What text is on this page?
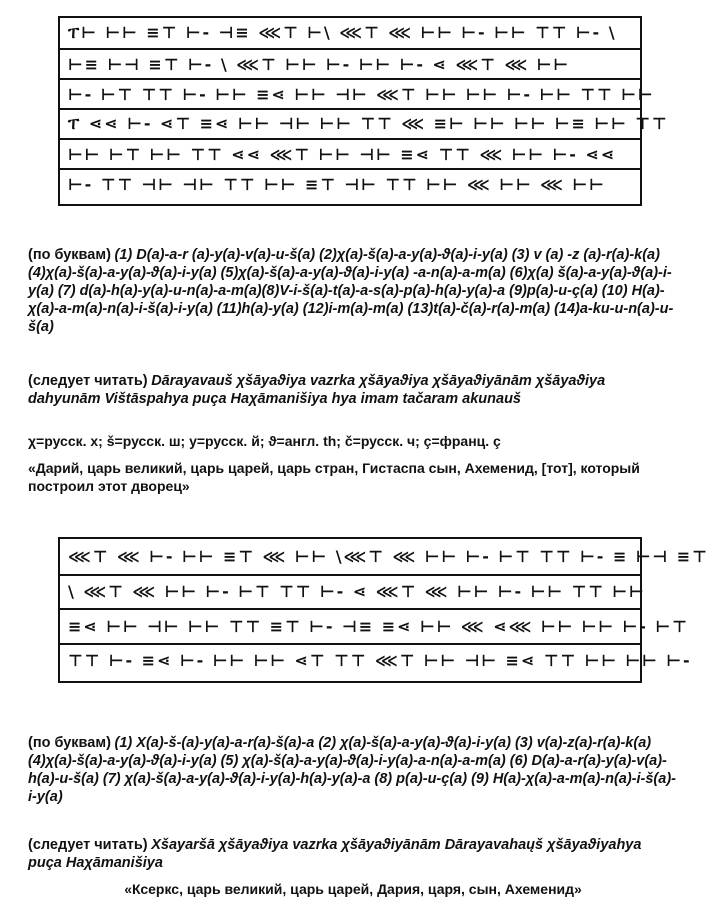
ፐ⊢ ⊢⊢ ≡⊤ ⊢- ⊣≡ ⋘⊤ ⊢\ ⋘⊤ ⋘ ⊢⊢ ⊢- ⊢⊢ ⊤⊤ ⊢- \
⊢≡ ⊢⊣ ≡⊤ ⊢- \ ⋘⊤ ⊢⊢ ⊢- ⊢⊢ ⊢- ⋖ ⋘⊤ ⋘ ⊢⊢
⊢- ⊢⊤ ⊤⊤ ⊢- ⊢⊢ ≡⋖ ⊢⊢ ⊣⊢ ⋘⊤ ⊢⊢ ⊢⊢ ⊢- ⊢⊢ ⊤⊤ ⊢⊢
ፐ ⋖⋖ ⊢- ⋖⊤ ≡⋖ ⊢⊢ ⊣⊢ ⊢⊢ ⊤⊤ ⋘ ≡⊢ ⊢⊢ ⊢⊢ ⊢≡ ⊢⊢ ⊤⊤
⊢⊢ ⊢⊤ ⊢⊢ ⊤⊤ ⋖⋖ ⋘⊤ ⊢⊢ ⊣⊢ ≡⋖ ⊤⊤ ⋘ ⊢⊢ ⊢- ⋖⋖
⊢- ⊤⊤ ⊣⊢ ⊣⊢ ⊤⊤ ⊢⊢ ≡⊤ ⊣⊢ ⊤⊤ ⊢⊢ ⋘ ⊢⊢ ⋘ ⊢⊢
(по буквам) (1) D(a)-a-r (a)-y(a)-v(a)-u-š(a) (2)χ(a)-š(a)-a-y(a)-ϑ(a)-i-y(a) (3) v (a) -z (a)-r(a)-k(a) (4)χ(a)-š(a)-a-y(a)-ϑ(a)-i-y(a) (5)χ(a)-š(a)-a-y(a)-ϑ(a)-i-y(a) -a-n(a)-a-m(a) (6)χ(a) š(a)-a-y(a)-ϑ(a)-i-y(a) (7) d(a)-h(a)-y(a)-u-n(a)-a-m(a)(8)V-i-š(a)-t(a)-a-s(a)-p(a)-h(a)-y(a)-a (9)p(a)-u-ç(a) (10) H(a)-χ(a)-a-m(a)-n(a)-i-š(a)-i-y(a) (11)h(a)-y(a) (12)i-m(a)-m(a) (13)t(a)-č(a)-r(a)-m(a) (14)a-ku-u-n(a)-u-š(a)
(следует читать) Dārayavauš χšāyaϑiya vazrka χšāyaϑiya χšāyaϑiyānām χšāyaϑiya dahyunām Vištāspahya puça Haχāmanišiya hya imam tačaram akunauš
χ=русск. х; š=русск. ш; y=русск. й; ϑ=англ. th; č=русск. ч; ç=франц. ç
«Дарий, царь великий, царь царей, царь стран, Гистаспа сын, Ахеменид, [тот], который построил этот дворец»
⋘⊤ ⋘ ⊢- ⊢⊢ ≡⊤ ⋘ ⊢⊢ \⋘⊤ ⋘ ⊢⊢ ⊢- ⊢⊤ ⊤⊤ ⊢- ≡ ⊢⊣ ≡⊤
\ ⋘⊤ ⋘ ⊢⊢ ⊢- ⊢⊤ ⊤⊤ ⊢- ⋖ ⋘⊤ ⋘ ⊢⊢ ⊢- ⊢⊢ ⊤⊤ ⊢⊢
≡⋖ ⊢⊢ ⊣⊢ ⊢⊢ ⊤⊤ ≡⊤ ⊢- ⊣≡ ≡⋖ ⊢⊢ ⋘ ⋖⋘ ⊢⊢ ⊢⊢ ⊢- ⊢⊤
⊤⊤ ⊢- ≡⋖ ⊢- ⊢⊢ ⊢⊢ ⋖⊤ ⊤⊤ ⋘⊤ ⊢⊢ ⊣⊢ ≡⋖ ⊤⊤ ⊢⊢ ⊢⊢ ⊢-
(по буквам) (1) X(a)-š-(a)-y(a)-a-r(a)-š(a)-a (2) χ(a)-š(a)-a-y(a)-ϑ(a)-i-y(a) (3) v(a)-z(a)-r(a)-k(a) (4)χ(a)-š(a)-a-y(a)-ϑ(a)-i-y(a) (5) χ(a)-š(a)-a-y(a)-ϑ(a)-i-y(a)-a-n(a)-a-m(a) (6) D(a)-a-r(a)-y(a)-v(a)-h(a)-u-š(a) (7) χ(a)-š(a)-a-y(a)-ϑ(a)-i-y(a)-h(a)-y(a)-a (8) p(a)-u-ç(a) (9) H(a)-χ(a)-a-m(a)-n(a)-i-š(a)-i-y(a)
(следует читать) Xšayaršā χšāyaϑiya vazrka χšāyaϑiyānām Dārayavahaųš χšāyaϑiyahya puça Haχāmanišiya
«Ксеркс, царь великий, царь царей, Дария, царя, сын, Ахеменид»
